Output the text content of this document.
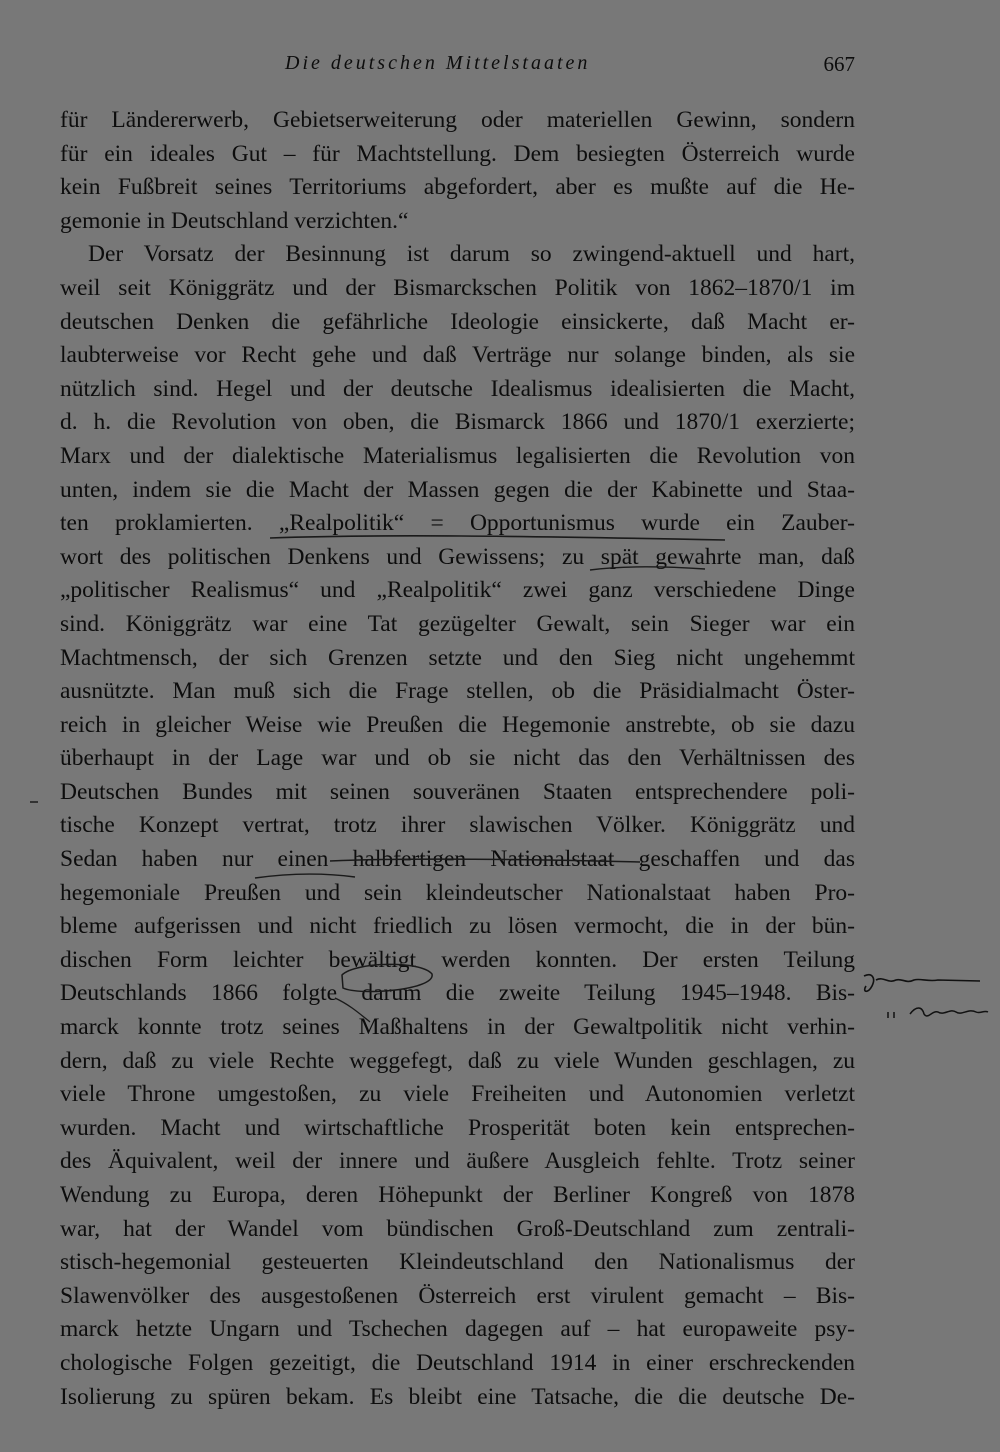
Die deutschen Mittelstaaten	667
für Ländererwerb, Gebietserweiterung oder materiellen Gewinn, sondern
für ein ideales Gut – für Machtstellung. Dem besiegten Österreich wurde
kein Fußbreit seines Territoriums abgefordert, aber es mußte auf die He-
gemonie in Deutschland verzichten.“
Der Vorsatz der Besinnung ist darum so zwingend-aktuell und hart,
weil seit Königgrätz und der Bismarckschen Politik von 1862–1870/1 im
deutschen Denken die gefährliche Ideologie einsickerte, daß Macht er-
laubterweise vor Recht gehe und daß Verträge nur solange binden, als sie
nützlich sind. Hegel und der deutsche Idealismus idealisierten die Macht,
d. h. die Revolution von oben, die Bismarck 1866 und 1870/1 exerzierte;
Marx und der dialektische Materialismus legalisierten die Revolution von
unten, indem sie die Macht der Massen gegen die der Kabinette und Staa-
ten proklamierten. „Realpolitik“ = Opportunismus wurde ein Zauber-
wort des politischen Denkens und Gewissens; zu spät gewahrte man, daß
„politischer Realismus“ und „Realpolitik“ zwei ganz verschiedene Dinge
sind. Königgrätz war eine Tat gezügelter Gewalt, sein Sieger war ein
Machtmensch, der sich Grenzen setzte und den Sieg nicht ungehemmt
ausnützte. Man muß sich die Frage stellen, ob die Präsidialmacht Öster-
reich in gleicher Weise wie Preußen die Hegemonie anstrebte, ob sie dazu
überhaupt in der Lage war und ob sie nicht das den Verhältnissen des
Deutschen Bundes mit seinen souveränen Staaten entsprechendere poli-
tische Konzept vertrat, trotz ihrer slawischen Völker. Königgrätz und
Sedan haben nur einen halbfertigen Nationalstaat geschaffen und das
hegemoniale Preußen und sein kleindeutscher Nationalstaat haben Pro-
bleme aufgerissen und nicht friedlich zu lösen vermocht, die in der bün-
dischen Form leichter bewältigt werden konnten. Der ersten Teilung
Deutschlands 1866 folgte darum die zweite Teilung 1945–1948. Bis-
marck konnte trotz seines Maßhaltens in der Gewaltpolitik nicht verhin-
dern, daß zu viele Rechte weggefegt, daß zu viele Wunden geschlagen, zu
viele Throne umgestoßen, zu viele Freiheiten und Autonomien verletzt
wurden. Macht und wirtschaftliche Prosperität boten kein entsprechen-
des Äquivalent, weil der innere und äußere Ausgleich fehlte. Trotz seiner
Wendung zu Europa, deren Höhepunkt der Berliner Kongreß von 1878
war, hat der Wandel vom bündischen Groß-Deutschland zum zentrali-
stisch-hegemonial gesteuerten Kleindeutschland den Nationalismus der
Slawenvölker des ausgestoßenen Österreich erst virulent gemacht – Bis-
marck hetzte Ungarn und Tschechen dagegen auf – hat europaweite psy-
chologische Folgen gezeitigt, die Deutschland 1914 in einer erschreckenden
Isolierung zu spüren bekam. Es bleibt eine Tatsache, die die deutsche De-
